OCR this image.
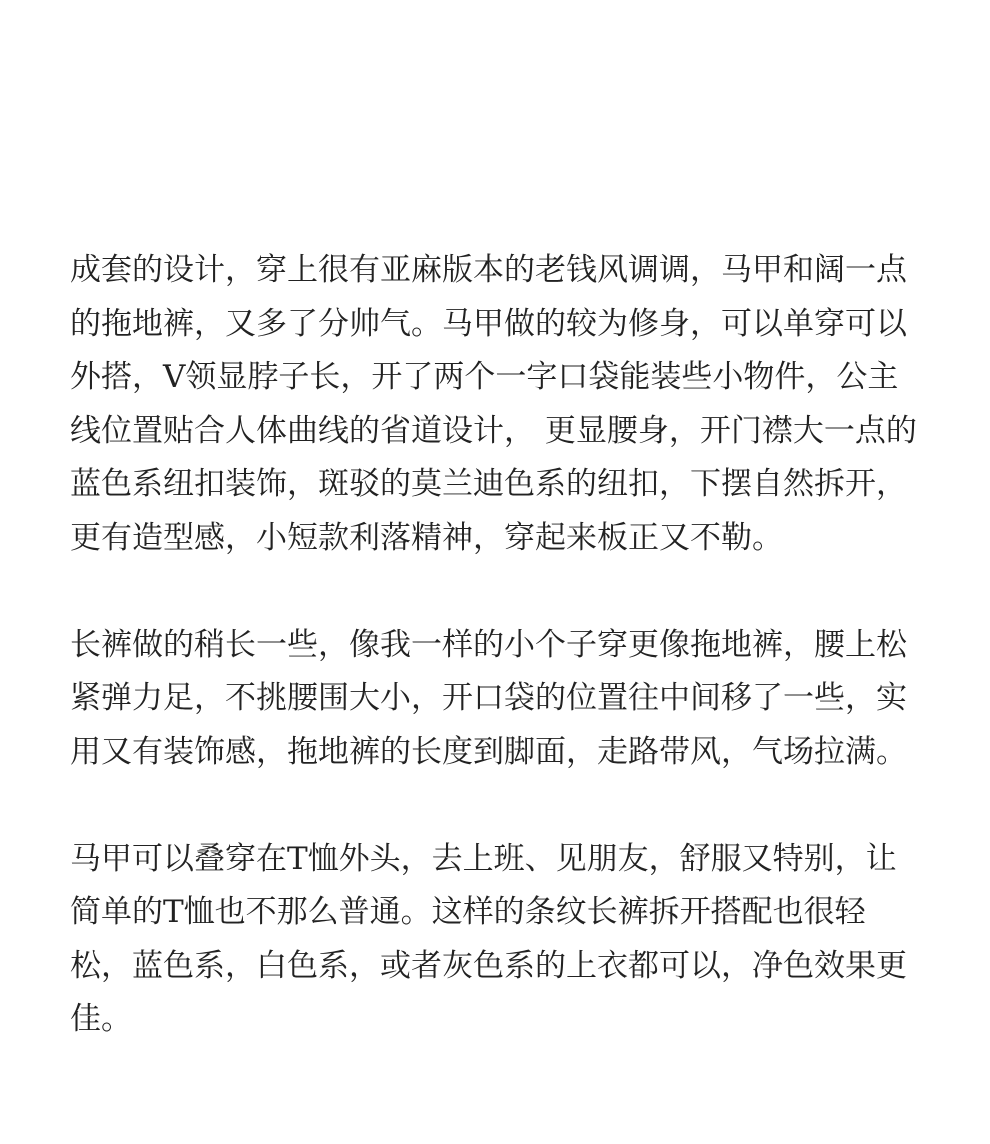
成套的设计，穿上很有亚麻版本的老钱风调调，马甲和阔一点的拖地裤，又多了分帅气。马甲做的较为修身，可以单穿可以外搭，V领显脖子长，开了两个一字口袋能装些小物件，公主线位置贴合人体曲线的省道设计， 更显腰身，开门襟大一点的蓝色系纽扣装饰，斑驳的莫兰迪色系的纽扣，下摆自然拆开，更有造型感，小短款利落精神，穿起来板正又不勒。

长裤做的稍长一些，像我一样的小个子穿更像拖地裤，腰上松紧弹力足，不挑腰围大小，开口袋的位置往中间移了一些，实用又有装饰感，拖地裤的长度到脚面，走路带风，气场拉满。

马甲可以叠穿在T恤外头，去上班、见朋友，舒服又特别，让简单的T恤也不那么普通。这样的条纹长裤拆开搭配也很轻松，蓝色系，白色系，或者灰色系的上衣都可以，净色效果更佳。
